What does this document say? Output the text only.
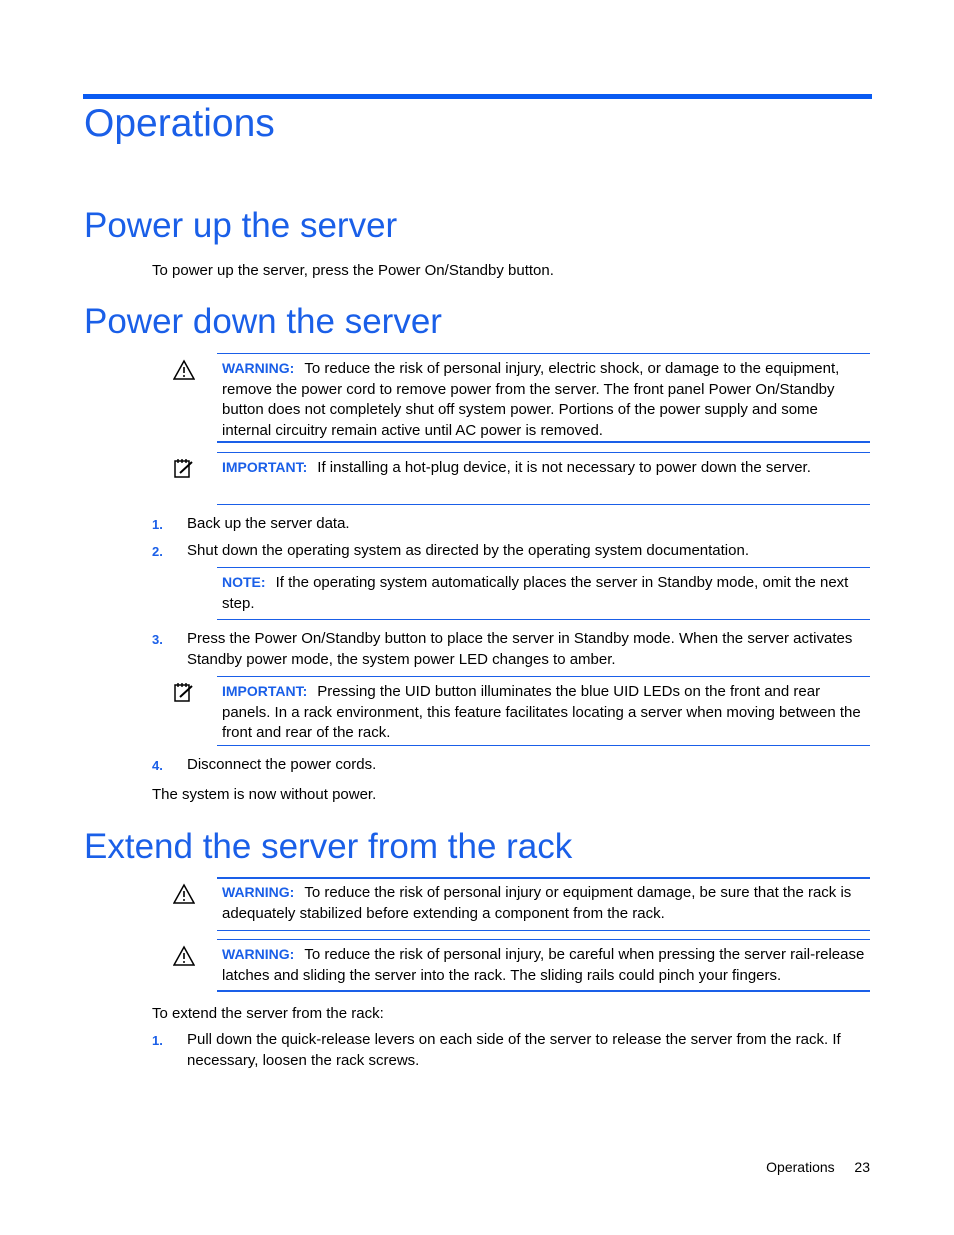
Operations
Power up the server
To power up the server, press the Power On/Standby button.
Power down the server
WARNING: To reduce the risk of personal injury, electric shock, or damage to the equipment, remove the power cord to remove power from the server. The front panel Power On/Standby button does not completely shut off system power. Portions of the power supply and some internal circuitry remain active until AC power is removed.
IMPORTANT: If installing a hot-plug device, it is not necessary to power down the server.
1. Back up the server data.
2. Shut down the operating system as directed by the operating system documentation.
NOTE: If the operating system automatically places the server in Standby mode, omit the next step.
3. Press the Power On/Standby button to place the server in Standby mode. When the server activates Standby power mode, the system power LED changes to amber.
IMPORTANT: Pressing the UID button illuminates the blue UID LEDs on the front and rear panels. In a rack environment, this feature facilitates locating a server when moving between the front and rear of the rack.
4. Disconnect the power cords.
The system is now without power.
Extend the server from the rack
WARNING: To reduce the risk of personal injury or equipment damage, be sure that the rack is adequately stabilized before extending a component from the rack.
WARNING: To reduce the risk of personal injury, be careful when pressing the server rail-release latches and sliding the server into the rack. The sliding rails could pinch your fingers.
To extend the server from the rack:
1. Pull down the quick-release levers on each side of the server to release the server from the rack. If necessary, loosen the rack screws.
Operations 23
